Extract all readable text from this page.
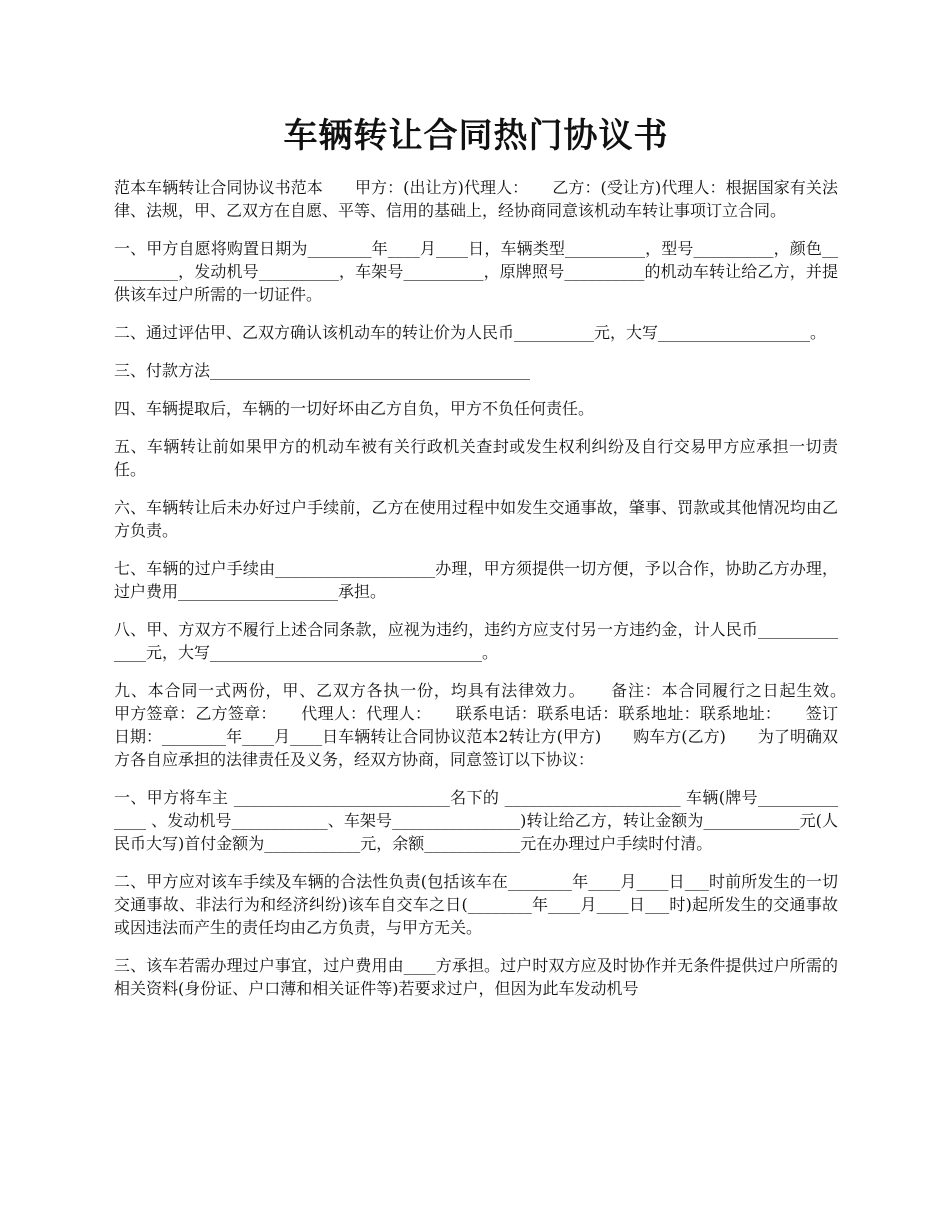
车辆转让合同热门协议书

范本车辆转让合同协议书范本　　甲方：(出让方)代理人：　　乙方：(受让方)代理人：根据国家有关法律、法规，甲、乙双方在自愿、平等、信用的基础上，经协商同意该机动车转让事项订立合同。

一、甲方自愿将购置日期为________年____月____日，车辆类型__________，型号__________，颜色__________，发动机号__________，车架号__________，原牌照号__________的机动车转让给乙方，并提供该车过户所需的一切证件。

二、通过评估甲、乙双方确认该机动车的转让价为人民币__________元，大写___________________。

三、付款方法________________________________________

四、车辆提取后，车辆的一切好坏由乙方自负，甲方不负任何责任。

五、车辆转让前如果甲方的机动车被有关行政机关查封或发生权利纠纷及自行交易甲方应承担一切责任。

六、车辆转让后未办好过户手续前，乙方在使用过程中如发生交通事故，肇事、罚款或其他情况均由乙方负责。

七、车辆的过户手续由____________________办理，甲方须提供一切方便，予以合作，协助乙方办理，过户费用____________________承担。

八、甲、方双方不履行上述合同条款，应视为违约，违约方应支付另一方违约金，计人民币______________元，大写__________________________________。

九、本合同一式两份，甲、乙双方各执一份，均具有法律效力。　　备注：本合同履行之日起生效。　　甲方签章：乙方签章：　　代理人：代理人：　　联系电话：联系电话：联系地址：联系地址：　　签订日期：________年____月____日车辆转让合同协议范本2转让方(甲方)　　购车方(乙方)　　为了明确双方各自应承担的法律责任及义务，经双方协商，同意签订以下协议：

一、甲方将车主 ___________________________名下的 ______________________ 车辆(牌号______________ 、发动机号____________、车架号________________)转让给乙方，转让金额为____________元(人民币大写)首付金额为____________元，余额____________元在办理过户手续时付清。

二、甲方应对该车手续及车辆的合法性负责(包括该车在________年____月____日___时前所发生的一切交通事故、非法行为和经济纠纷)该车自交车之日(________年____月____日___时)起所发生的交通事故或因违法而产生的责任均由乙方负责，与甲方无关。

三、该车若需办理过户事宜，过户费用由____方承担。过户时双方应及时协作并无条件提供过户所需的相关资料(身份证、户口薄和相关证件等)若要求过户，但因为此车发动机号
